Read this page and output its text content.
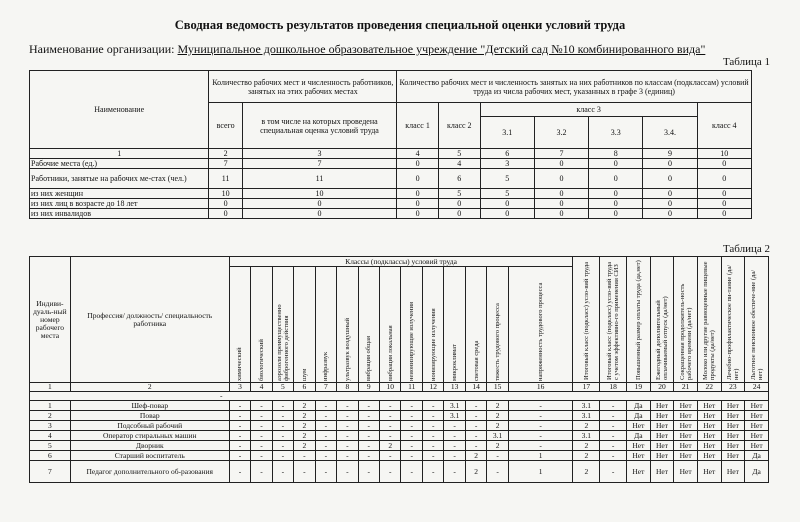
Сводная ведомость результатов проведения специальной оценки условий труда
Наименование организации: Муниципальное дошкольное образовательное учреждение "Детский сад №10 комбинированного вида"
Таблица 1
Наименование	Количество рабочих мест и численность работников, занятых на этих рабочих местах		Количество рабочих мест и численность занятых на них работников по классам (подклассам) условий труда из числа рабочих мест, указанных в графе 3 (единиц)						
	всего	в том числе на которых проведена специальная оценка условий труда	класс 1	класс 2	класс 3				класс 4
					3.1	3.2	3.3	3.4.	
1	2	3	4	5	6	7	8	9	10
Рабочие места (ед.)	7	7	0	4	3	0	0	0	0
Работники, занятые на рабочих ме-стах (чел.)	11	11	0	6	5	0	0	0	0
из них женщин	10	10	0	5	5	0	0	0	0
из них лиц в возрасте до 18 лет	0	0	0	0	0	0	0	0	0
из них инвалидов	0	0	0	0	0	0	0	0	0
Таблица 2
Индиви-дуаль-ный номер рабочего места	Профессия/ должность/ специальность работника	Классы (подклассы) условий труда														Итоговый класс (подкласс) усло-вий труда	Итоговый класс (подкласс) усло-вий труда с учетом эффективно-го применения СИЗ	Повышенный размер оплаты труда (да,нет)	Ежегодный дополнительный оплачиваемый отпуск (да/нет)	Сокращенная продолжитель-ность рабочего времени (да/нет)	Молоко или другие равноценные пищевые продукты (да/нет)	Лечебно-профилактическое пи-тание (да/нет)	Льготное пенсионное обеспече-ние (да/нет)

		химический	биологический	аэрозоли преимущественно фиброгенного действия	шум	инфразвук	ультразвук воздушный	вибрация общая	вибрация локальная	неионизирующие излучения	ионизирующие излучения	микроклимат	световая среда	тяжесть трудового процесса	напряженность трудового процесса								

1	2	3	4	5	6	7	8	9	10	11	12	13	14	15	16	17	18	19	20	21	22	23	24
-																							
1	Шеф-повар	-	-	-	2	-	-	-	-	-	-	3.1	-	2	-	3.1	-	Да	Нет	Нет	Нет	Нет	Нет
2	Повар	-	-	-	2	-	-	-	-	-	-	3.1	-	2	-	3.1	-	Да	Нет	Нет	Нет	Нет	Нет
3	Подсобный рабочий	-	-	-	2	-	-	-	-	-	-	-	-	2	-	2	-	Нет	Нет	Нет	Нет	Нет	Нет
4	Оператор стиральных машин	-	-	-	2	-	-	-	-	-	-	-	-	3.1	-	3.1	-	Да	Нет	Нет	Нет	Нет	Нет
5	Дворник	-	-	-	2	-	-	-	2	-	-	-	-	2	-	2	-	Нет	Нет	Нет	Нет	Нет	Нет
6	Старший воспитатель	-	-	-	-	-	-	-	-	-	-	-	2	-	1	2	-	Нет	Нет	Нет	Нет	Нет	Да
7	Педагог дополнительного об-разования	-	-	-	-	-	-	-	-	-	-	-	2	-	1	2	-	Нет	Нет	Нет	Нет	Нет	Да
